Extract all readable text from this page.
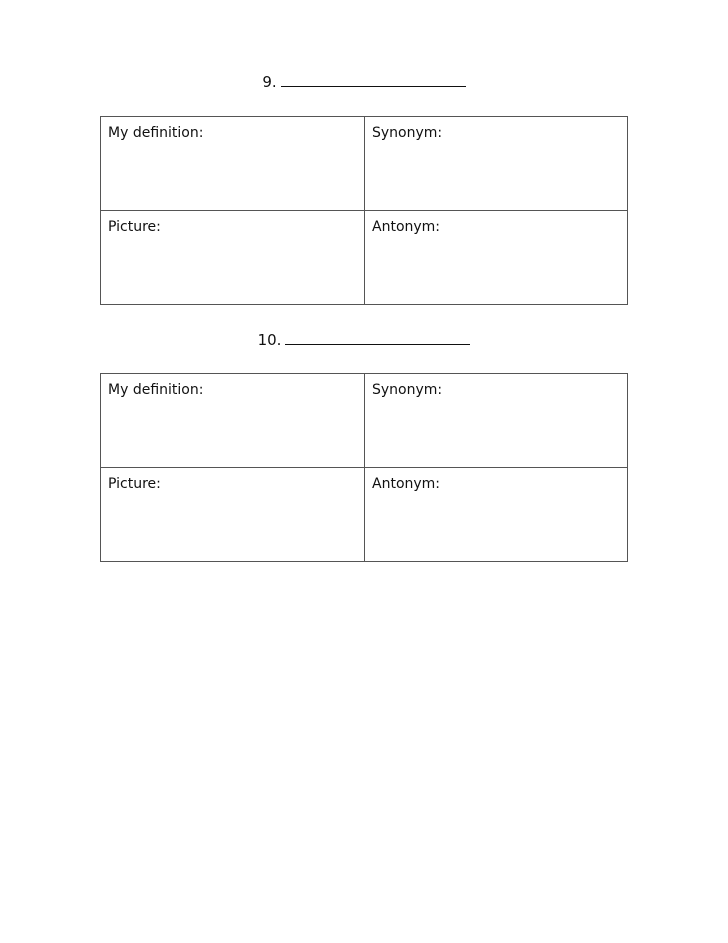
9.
My definition:	Synonym:
Picture:	Antonym:
10.
My definition:	Synonym:
Picture:	Antonym:
